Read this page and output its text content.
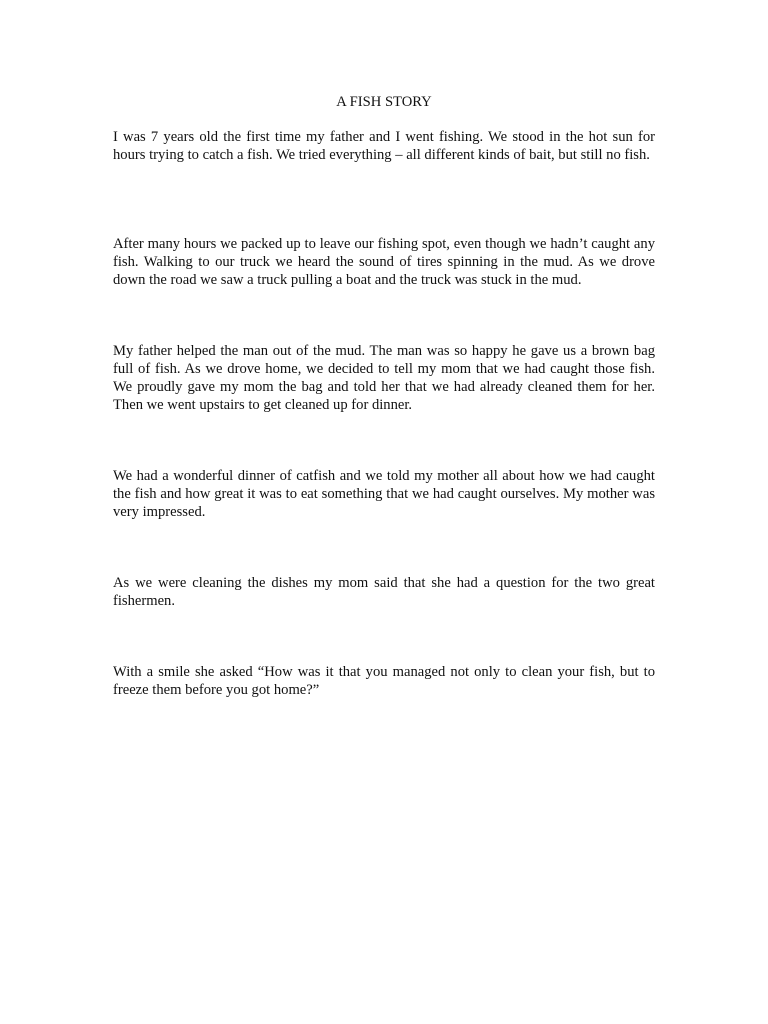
A FISH STORY

I was 7 years old the first time my father and I went fishing. We stood in the hot sun for hours trying to catch a fish. We tried everything – all different kinds of bait, but still no fish.

After many hours we packed up to leave our fishing spot, even though we hadn’t caught any fish. Walking to our truck we heard the sound of tires spinning in the mud. As we drove down the road we saw a truck pulling a boat and the truck was stuck in the mud.

My father helped the man out of the mud. The man was so happy he gave us a brown bag full of fish. As we drove home, we decided to tell my mom that we had caught those fish. We proudly gave my mom the bag and told her that we had already cleaned them for her. Then we went upstairs to get cleaned up for dinner.

We had a wonderful dinner of catfish and we told my mother all about how we had caught the fish and how great it was to eat something that we had caught ourselves. My mother was very impressed.

As we were cleaning the dishes my mom said that she had a question for the two great fishermen.

With a smile she asked “How was it that you managed not only to clean your fish, but to freeze them before you got home?”
